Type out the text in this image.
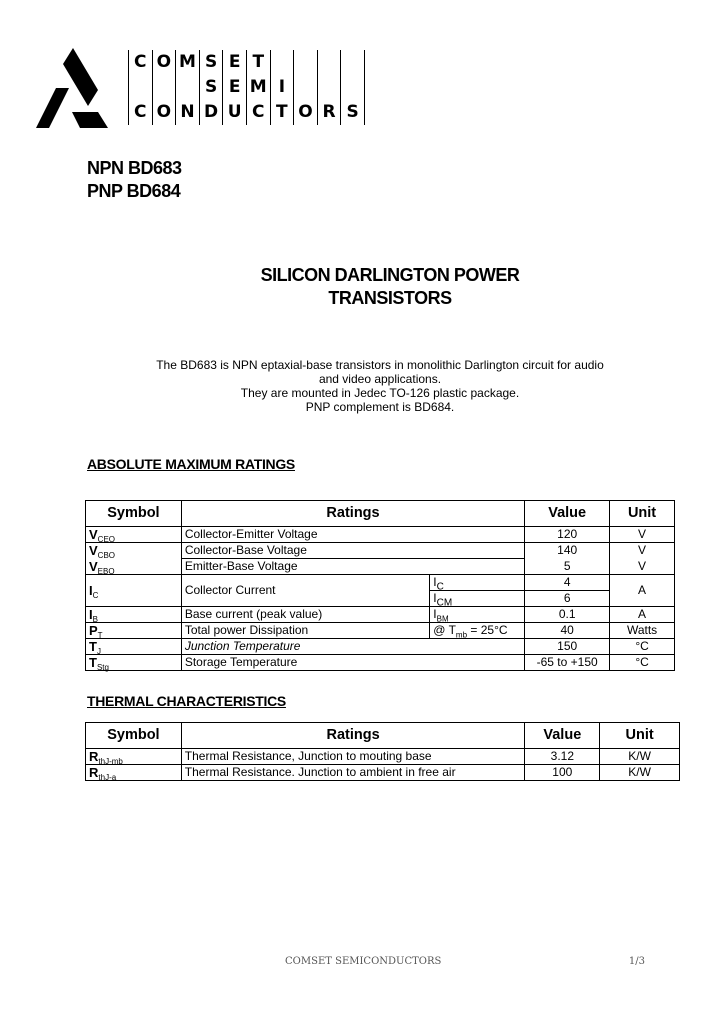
C O M S E T
S E M I
C O N D U C T O R S
NPN BD683
PNP BD684
SILICON DARLINGTON POWER
TRANSISTORS
The BD683 is NPN eptaxial-base transistors in monolithic Darlington circuit for audio
and video applications.
They are mounted in Jedec TO-126 plastic package.
PNP complement is BD684.
ABSOLUTE MAXIMUM RATINGS
Symbol	Ratings		Value	Unit
$V_{CEO}$	Collector-Emitter Voltage		120	V
$V_{CBO}$	Collector-Base Voltage		140	V
$V_{EBO}$	Emitter-Base Voltage		5	V
$I_C$	Collector Current	$I_C$	4	A
		$I_{CM}$	6	
$I_B$	Base current (peak value)	$I_{BM}$	0.1	A
$P_T$	Total power Dissipation	@ $T_{mb} = 25^\circ C$	40	Watts
$T_J$	Junction Temperature		150	°C
$T_{Stg}$	Storage Temperature		-65 to +150	°C
THERMAL CHARACTERISTICS
Symbol	Ratings	Value	Unit
$R_{thJ-mb}$	Thermal Resistance, Junction to mouting base	3.12	K/W
$R_{thJ-a}$	Thermal Resistance. Junction to ambient in free air	100	K/W
COMSET SEMICONDUCTORS	1/3
